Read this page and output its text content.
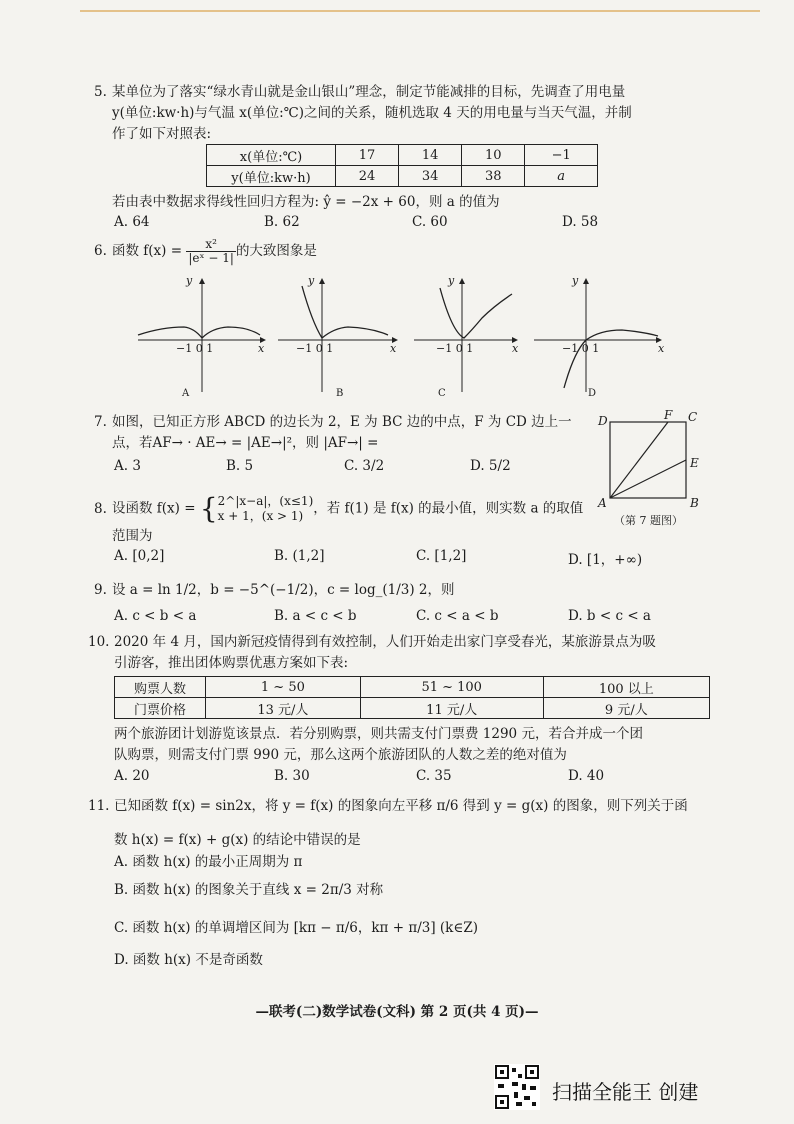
5. 某单位为了落实“绿水青山就是金山银山”理念，制定节能减排的目标，先调查了用电量
y(单位:kw·h)与气温 x(单位:℃)之间的关系，随机选取 4 天的用电量与当天气温，并制
作了如下对照表:
x(单位:℃)	17	14	10	−1
y(单位:kw·h)	24	34	38	a
若由表中数据求得线性回归方程为: ŷ = −2x + 60，则 a 的值为
A. 64	B. 62	C. 60	D. 58
6. 函数 $f(x) = \frac{\text{x²}}{\text{|eˣ − 1|}}$ 的大致图象是
y
x
−1 0 1
A
y
x
−1 0 1
B
y
x
−1 0 1
C
y
x
−1 0 1
D
7. 如图，已知正方形 ABCD 的边长为 2，E 为 BC 边的中点，F 为 CD 边上一
点，若AF→ · AE→ = |AE→|²，则 |AF→| =
A. 3	B. 5	C. 3/2	D. 5/2
D	F C
E
A	B
（第 7 题图）
8. 设函数 f(x) = { 2^|x−a|，(x≤1)
x + 1，(x > 1) ，若 f(1) 是 f(x) 的最小值，则实数 a 的取值
范围为
A. [0,2]	B. (1,2]	C. [1,2]	D. [1，+∞)
9. 设 a = ln 1/2，b = −5^(−1/2)，c = log_(1/3) 2，则
A. c < b < a	B. a < c < b	C. c < a < b	D. b < c < a
10. 2020 年 4 月，国内新冠疫情得到有效控制，人们开始走出家门享受春光，某旅游景点为吸
引游客，推出团体购票优惠方案如下表:
购票人数	1 ~ 50	51 ~ 100	100 以上
门票价格	13 元/人	11 元/人	9 元/人
两个旅游团计划游览该景点．若分别购票，则共需支付门票费 1290 元，若合并成一个团
队购票，则需支付门票 990 元，那么这两个旅游团队的人数之差的绝对值为
A. 20	B. 30	C. 35	D. 40
11. 已知函数 f(x) = sin2x，将 y = f(x) 的图象向左平移 π/6 得到 y = g(x) 的图象，则下列关于函
数 h(x) = f(x) + g(x) 的结论中错误的是
A. 函数 h(x) 的最小正周期为 π
B. 函数 h(x) 的图象关于直线 x = 2π/3 对称
C. 函数 h(x) 的单调增区间为 [kπ − π/6，kπ + π/3] (k∈Z)
D. 函数 h(x) 不是奇函数
—联考(二)数学试卷(文科) 第 2 页(共 4 页)—
扫描全能王 创建
